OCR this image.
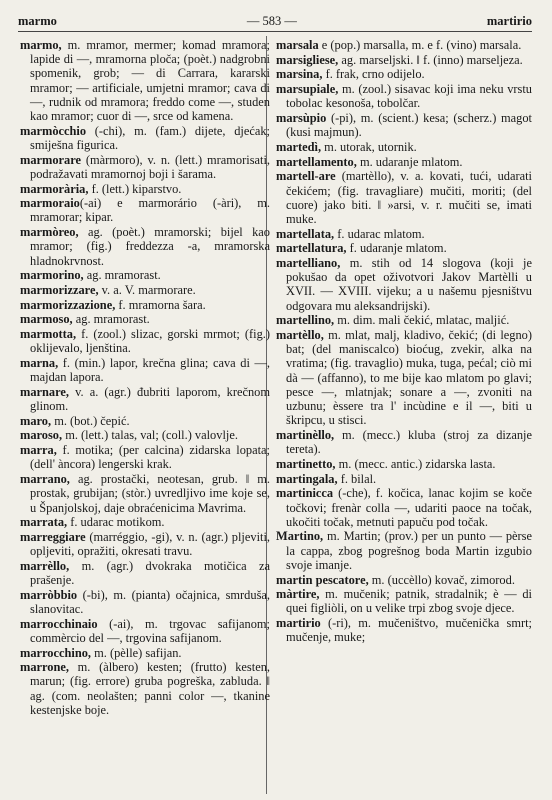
marmo	— 583 —	martirio

marmo, m. mramor, mermer; komad mramora; lapide di —, mramorna ploča; (poèt.) nadgrobni spomenik, grob; — di Carrara, kararski mramor; — artificiale, umjetni mramor; cava di —, rudnik od mramora; freddo come —, studen kao mramor; cuor di —, srce od kamena.

marmòcchio (-chi), m. (fam.) dijete, djećak; smiješna figurica.

marmorare (màrmoro), v. n. (lett.) mramorisati, podražavati mramornoj boji i šarama.

marmorària, f. (lett.) kiparstvo.

marmoraio(-ai) e marmorário (-àri), m. mramorar; kipar.

marmòreo, ag. (poèt.) mramorski; bijel kao mramor; (fig.) freddezza -a, mramorska hladnokrvnost.

marmorino, ag. mramorast.

marmorizzare, v. a. V. marmorare.

marmorizzazione, f. mramorna šara.

marmoso, ag. mramorast.

marmotta, f. (zool.) slizac, gorski mrmot; (fig.) oklijevalo, ljenština.

marna, f. (min.) lapor, krečna glina; cava di —, majdan lapora.

marnare, v. a. (agr.) đubriti laporom, krečnom glinom.

maro, m. (bot.) čepić.

maroso, m. (lett.) talas, val; (coll.) valovlje.

marra, f. motika; (per calcina) zidarska lopata; (dell' àncora) lengerski krak.

marrano, ag. prostački, neotesan, grub. ‖ m. prostak, grubijan; (stòr.) uvredljivo ime koje se, u Španjolskoj, daje obraćenicima Mavrima.

marrata, f. udarac motikom.

marreggiare (marréggio, -gi), v. n. (agr.) pljeviti, opljeviti, opražiti, okresati travu.

marrèllo, m. (agr.) dvokraka motičica za prašenje.

marròbbio (-bi), m. (pianta) očajnica, smrduša, slanovitac.

marrocchinaio (-ai), m. trgovac safijanom; commèrcio del —, trgovina safijanom.

marrocchino, m. (pèlle) safijan.

marrone, m. (àlbero) kesten; (frutto) kesten, marun; (fig. errore) gruba pogreška, zabluda. ‖ ag. (com. neolašten; panni color —, tkanine kestenjske boje.

marsala e (pop.) marsalla, m. e f. (vino) marsala.

marsigliese, ag. marseljski. ‖ f. (inno) marseljeza.

marsina, f. frak, crno odijelo.

marsupiale, m. (zool.) sisavac koji ima neku vrstu tobolac kesonoša, tobolčar.

marsùpio (-pi), m. (scient.) kesa; (scherz.) magot (kusi majmun).

martedì, m. utorak, utornik.

martellamento, m. udaranje mlatom.

martell-are (martèllo), v. a. kovati, tući, udarati čekićem; (fig. travagliare) mučiti, moriti; (del cuore) jako biti. ‖ »arsi, v. r. mučiti se, imati muke.

martellata, f. udarac mlatom.

martellatura, f. udaranje mlatom.

martelliano, m. stih od 14 slogova (koji je pokušao da opet oživotvori Jakov Martèlli u XVII. — XVIII. vijeku; a u našemu pjesništvu odgovara mu aleksandrijski).

martellino, m. dim. mali čekić, mlatac, maljić.

martèllo, m. mlat, malj, kladivo, čekić; (di legno) bat; (del maniscalco) bioćug, zvekir, alka na vratima; (fig. travaglio) muka, tuga, pećal; ciò mi dà — (affanno), to me bije kao mlatom po glavi; pesce —, mlatnjak; sonare a —, zvoniti na uzbunu; èssere tra l' incùdine e il —, biti u škripcu, u stisci.

martinèllo, m. (mecc.) kluba (stroj za dizanje tereta).

martinetto, m. (mecc. antic.) zidarska lasta.

martingala, f. bilal.

martinicca (-che), f. kočica, lanac kojim se koče točkovi; frenàr colla —, udariti paoce na točak, ukočiti točak, metnuti papuču pod točak.

Martino, m. Martin; (prov.) per un punto — pèrse la cappa, zbog pogrešnog boda Martin izgubio svoje imanje.

martin pescatore, m. (uccèllo) kovač, zimorod.

màrtire, m. mučenik; patnik, stradalnik; è — di quei figliòli, on u velike trpi zbog svoje djece.

martirio (-ri), m. mučeništvo, mučenička smrt; mučenje, muke;
